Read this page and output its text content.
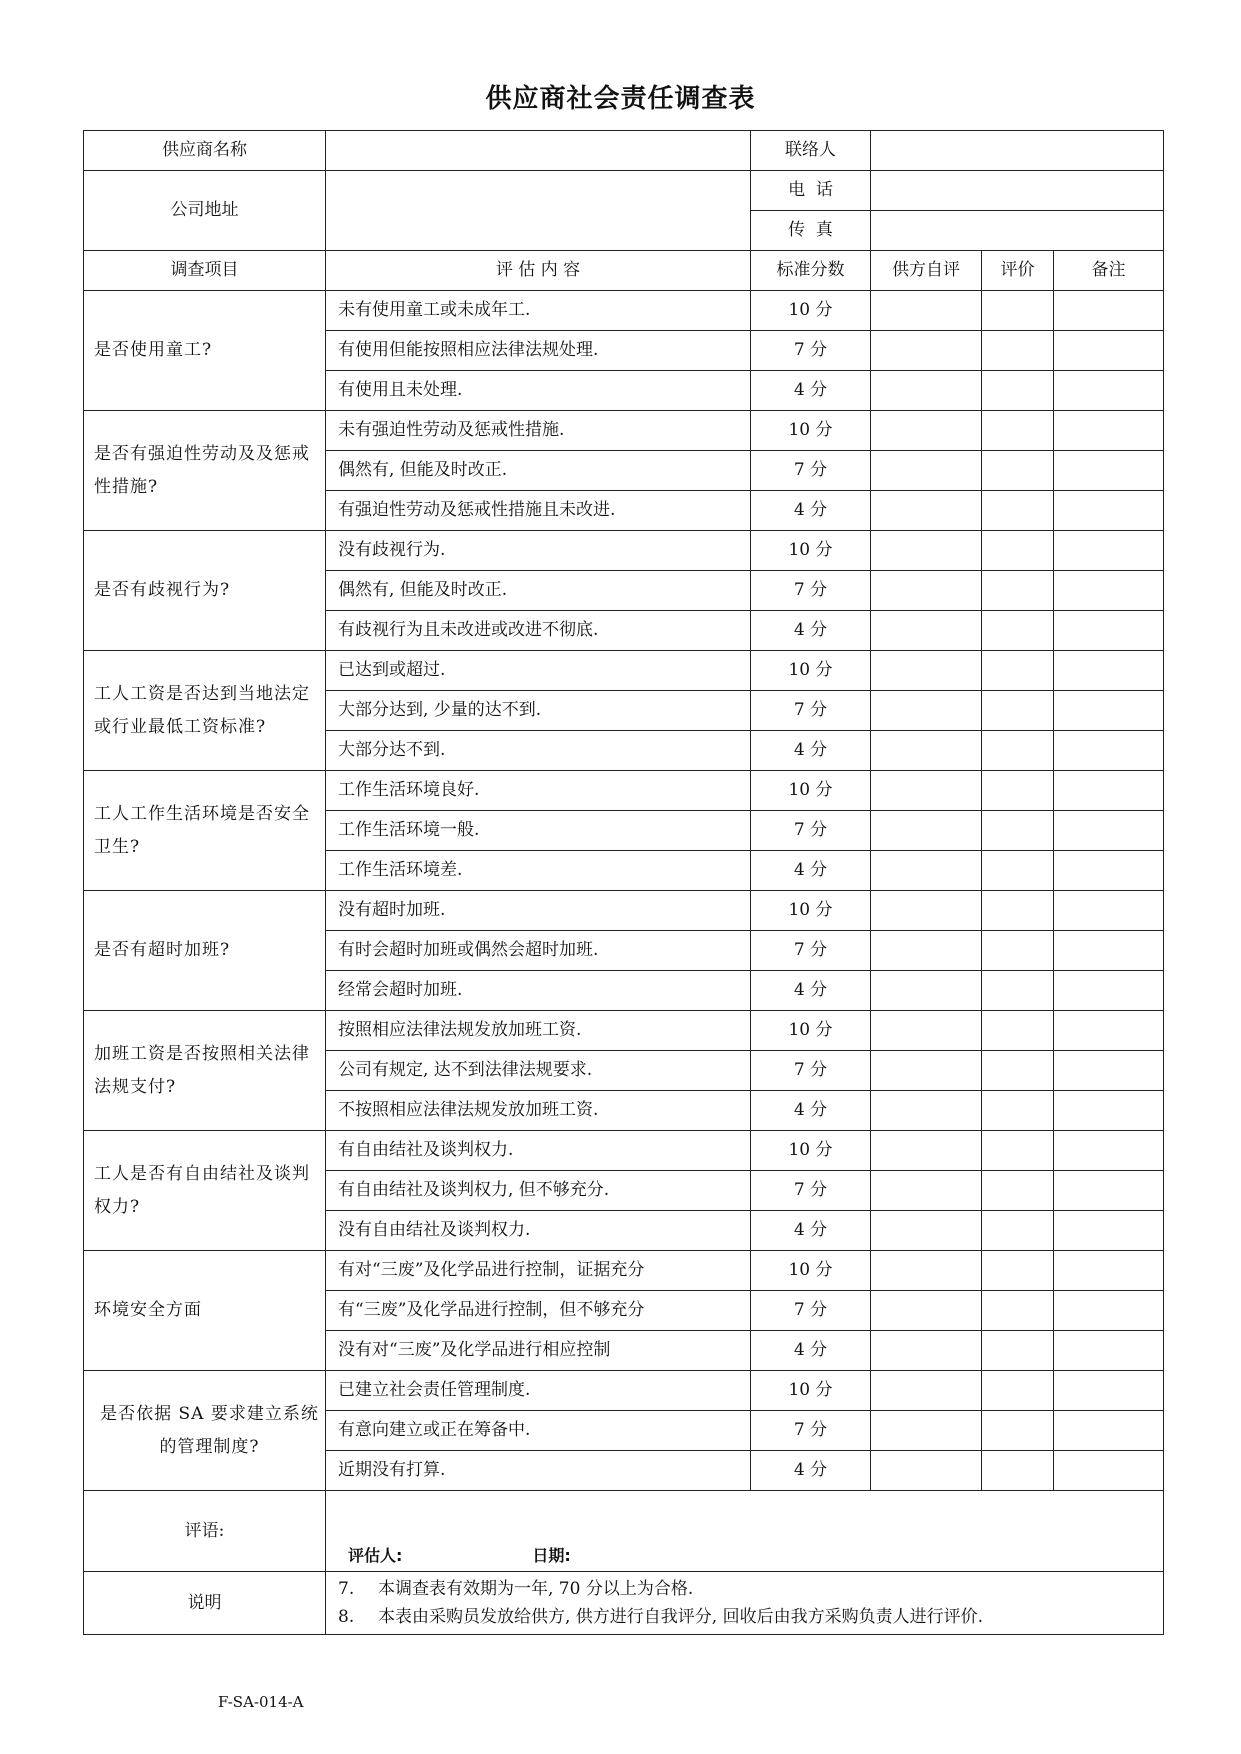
供应商社会责任调查表
供应商名称		联络人			
公司地址		电  话			
		传  真			
调查项目	评 估 内 容	标准分数	供方自评	评价	备注
是否使用童工?	未有使用童工或未成年工.	10 分			
	有使用但能按照相应法律法规处理.	7 分			
	有使用且未处理.	4 分			
是否有强迫性劳动及及惩戒性措施?	未有强迫性劳动及惩戒性措施.	10 分			
	偶然有, 但能及时改正.	7 分			
	有强迫性劳动及惩戒性措施且未改进.	4 分			
是否有歧视行为?	没有歧视行为.	10 分			
	偶然有, 但能及时改正.	7 分			
	有歧视行为且未改进或改进不彻底.	4 分			
工人工资是否达到当地法定或行业最低工资标准?	已达到或超过.	10 分			
	大部分达到, 少量的达不到.	7 分			
	大部分达不到.	4 分			
工人工作生活环境是否安全卫生?	工作生活环境良好.	10 分			
	工作生活环境一般.	7 分			
	工作生活环境差.	4 分			
是否有超时加班?	没有超时加班.	10 分			
	有时会超时加班或偶然会超时加班.	7 分			
	经常会超时加班.	4 分			
加班工资是否按照相关法律法规支付?	按照相应法律法规发放加班工资.	10 分			
	公司有规定, 达不到法律法规要求.	7 分			
	不按照相应法律法规发放加班工资.	4 分			
工人是否有自由结社及谈判权力?	有自由结社及谈判权力.	10 分			
	有自由结社及谈判权力, 但不够充分.	7 分			
	没有自由结社及谈判权力.	4 分			
环境安全方面	有对“三废”及化学品进行控制，证据充分	10 分			
	有“三废”及化学品进行控制，但不够充分	7 分			
	没有对“三废”及化学品进行相应控制	4 分			
是否依据 SA 要求建立系统的管理制度?	已建立社会责任管理制度.	10 分			
	有意向建立或正在筹备中.	7 分			
	近期没有打算.	4 分			
评语:	评估人: 日期:				

说明	7. 本调查表有效期为一年, 70 分以上为合格.
8. 本表由采购员发放给供方, 供方进行自我评分, 回收后由我方采购负责人进行评价.				
F-SA-014-A
